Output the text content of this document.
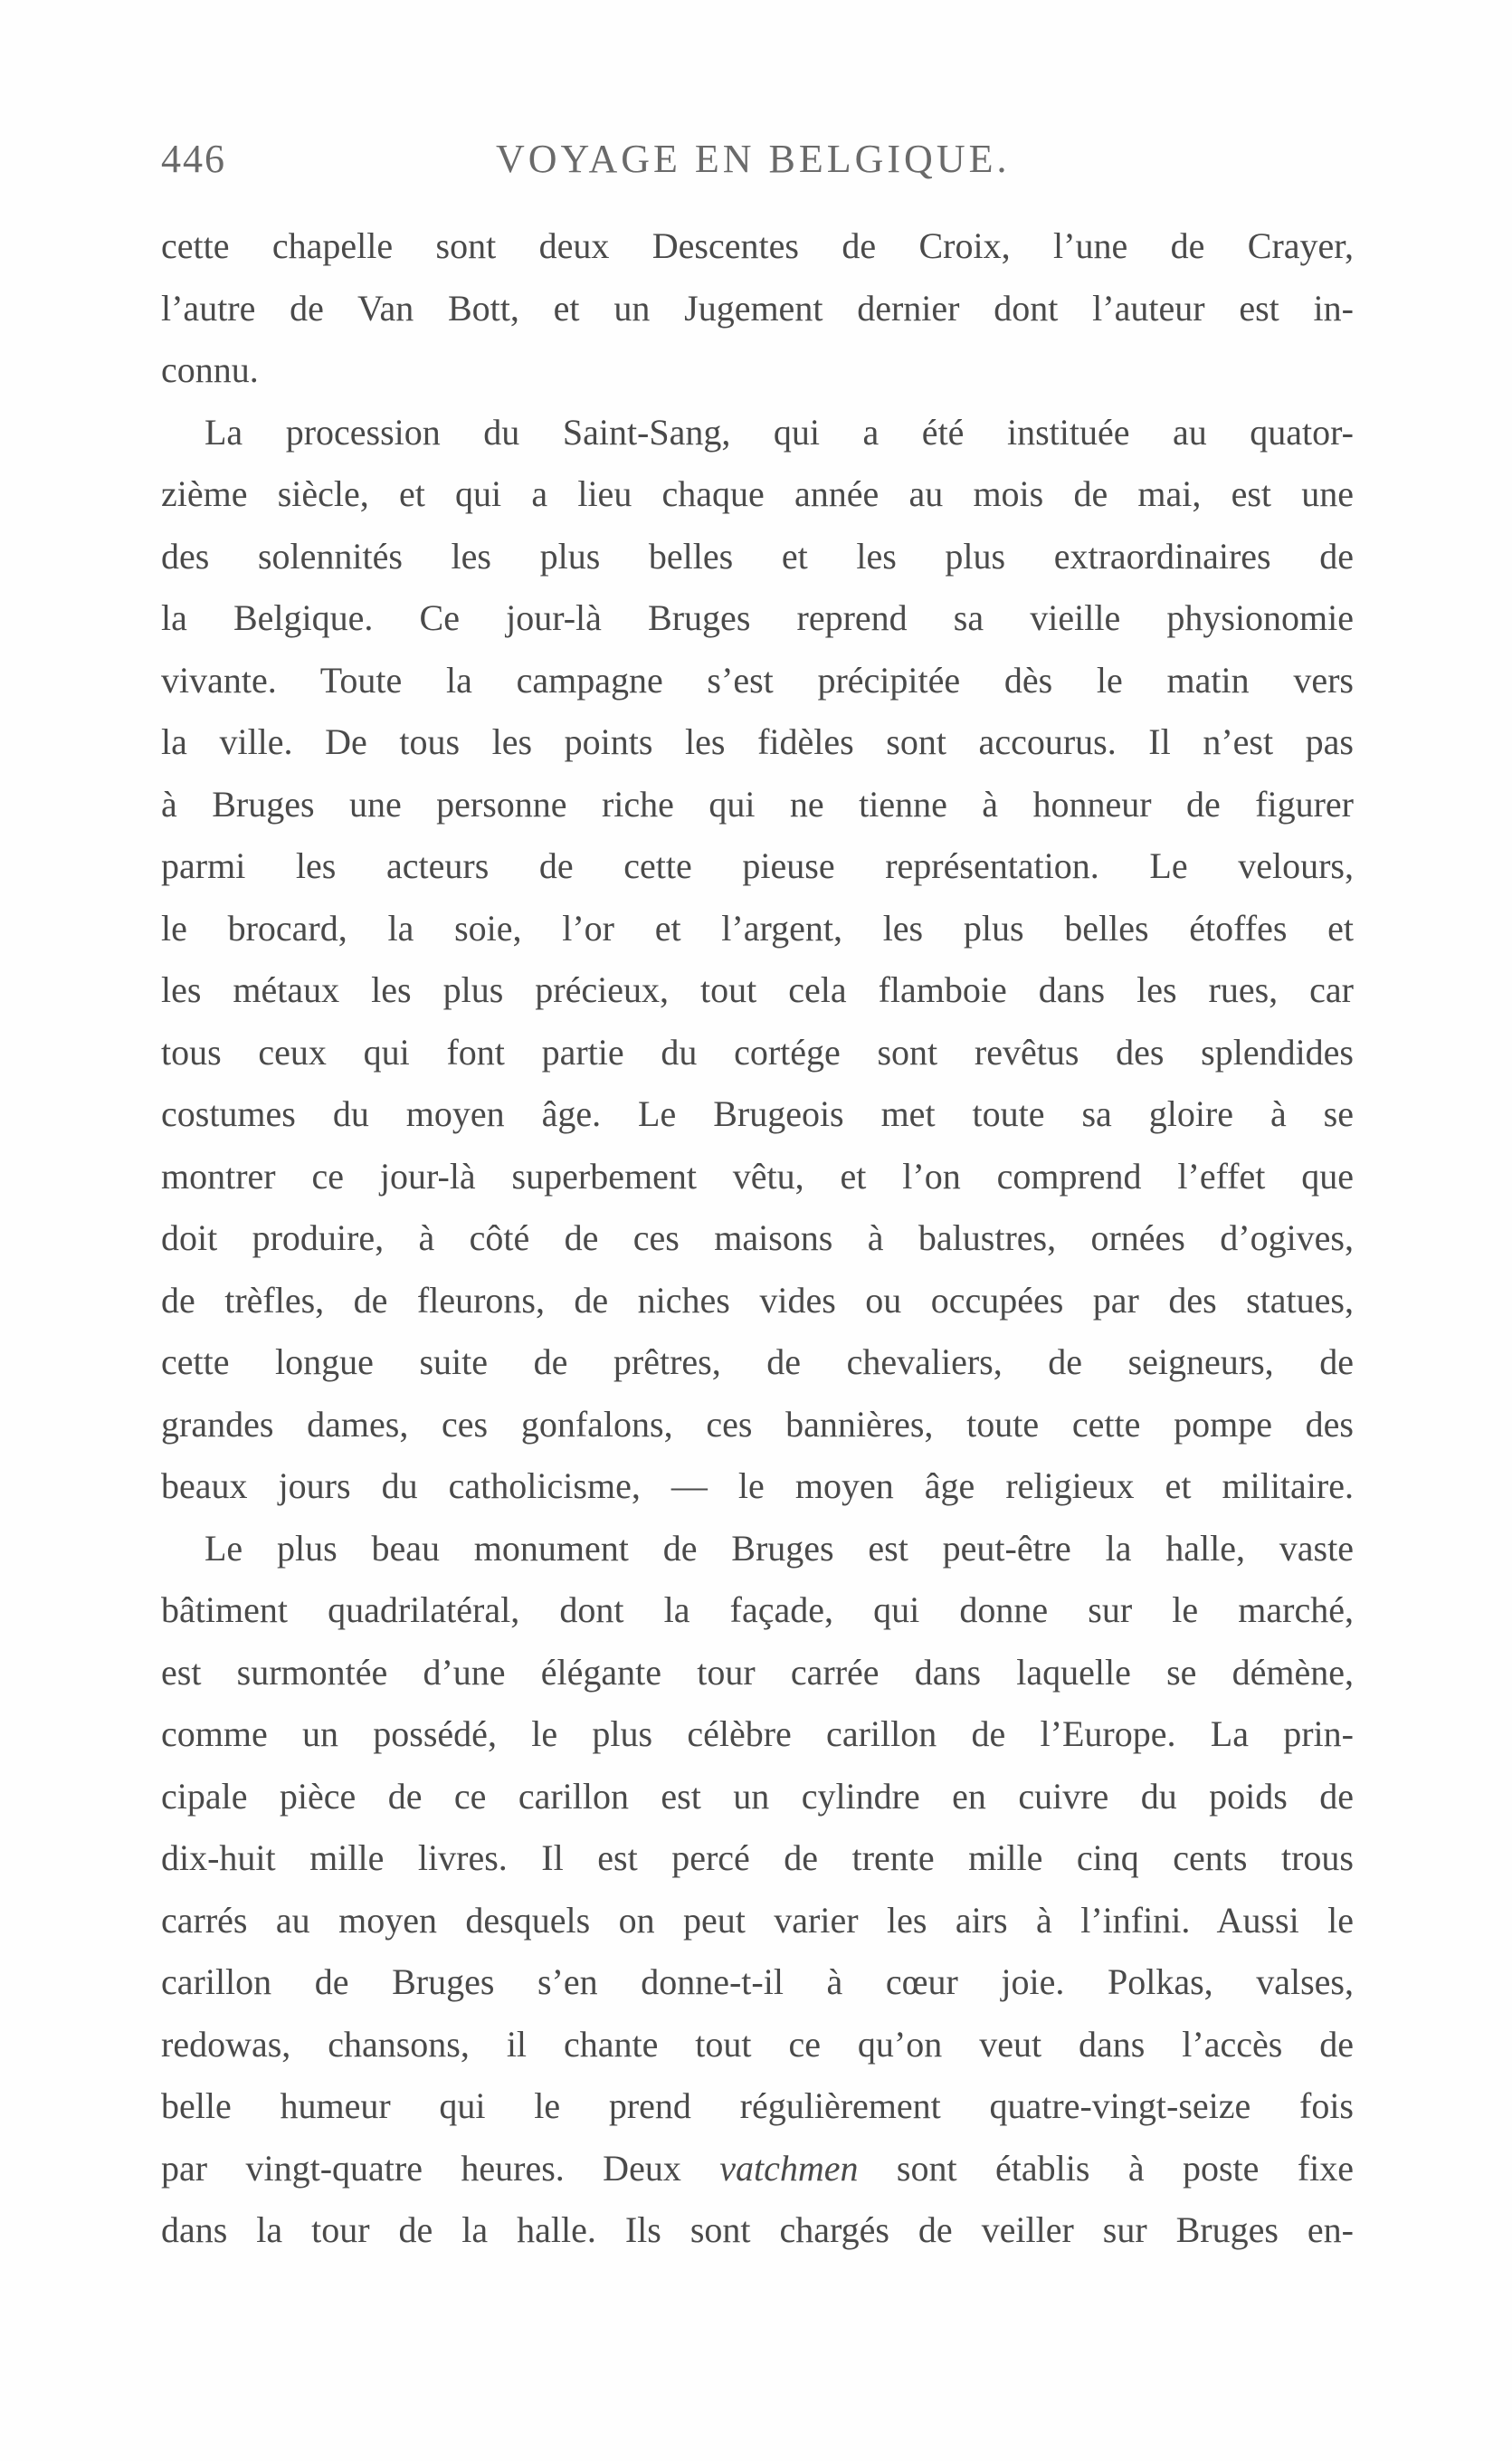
446	VOYAGE EN BELGIQUE.
cette chapelle sont deux Descentes de Croix, l’une de Crayer,
l’autre de Van Bott, et un Jugement dernier dont l’auteur est in-
connu.
La procession du Saint-Sang, qui a été instituée au quator-
zième siècle, et qui a lieu chaque année au mois de mai, est une
des solennités les plus belles et les plus extraordinaires de
la Belgique. Ce jour-là Bruges reprend sa vieille physionomie
vivante. Toute la campagne s’est précipitée dès le matin vers
la ville. De tous les points les fidèles sont accourus. Il n’est pas
à Bruges une personne riche qui ne tienne à honneur de figurer
parmi les acteurs de cette pieuse représentation. Le velours,
le brocard, la soie, l’or et l’argent, les plus belles étoffes et
les métaux les plus précieux, tout cela flamboie dans les rues, car
tous ceux qui font partie du cortége sont revêtus des splendides
costumes du moyen âge. Le Brugeois met toute sa gloire à se
montrer ce jour-là superbement vêtu, et l’on comprend l’effet que
doit produire, à côté de ces maisons à balustres, ornées d’ogives,
de trèfles, de fleurons, de niches vides ou occupées par des statues,
cette longue suite de prêtres, de chevaliers, de seigneurs, de
grandes dames, ces gonfalons, ces bannières, toute cette pompe des
beaux jours du catholicisme, — le moyen âge religieux et militaire.
Le plus beau monument de Bruges est peut-être la halle, vaste
bâtiment quadrilatéral, dont la façade, qui donne sur le marché,
est surmontée d’une élégante tour carrée dans laquelle se démène,
comme un possédé, le plus célèbre carillon de l’Europe. La prin-
cipale pièce de ce carillon est un cylindre en cuivre du poids de
dix-huit mille livres. Il est percé de trente mille cinq cents trous
carrés au moyen desquels on peut varier les airs à l’infini. Aussi le
carillon de Bruges s’en donne-t-il à cœur joie. Polkas, valses,
redowas, chansons, il chante tout ce qu’on veut dans l’accès de
belle humeur qui le prend régulièrement quatre-vingt-seize fois
par vingt-quatre heures. Deux vatchmen sont établis à poste fixe
dans la tour de la halle. Ils sont chargés de veiller sur Bruges en-
